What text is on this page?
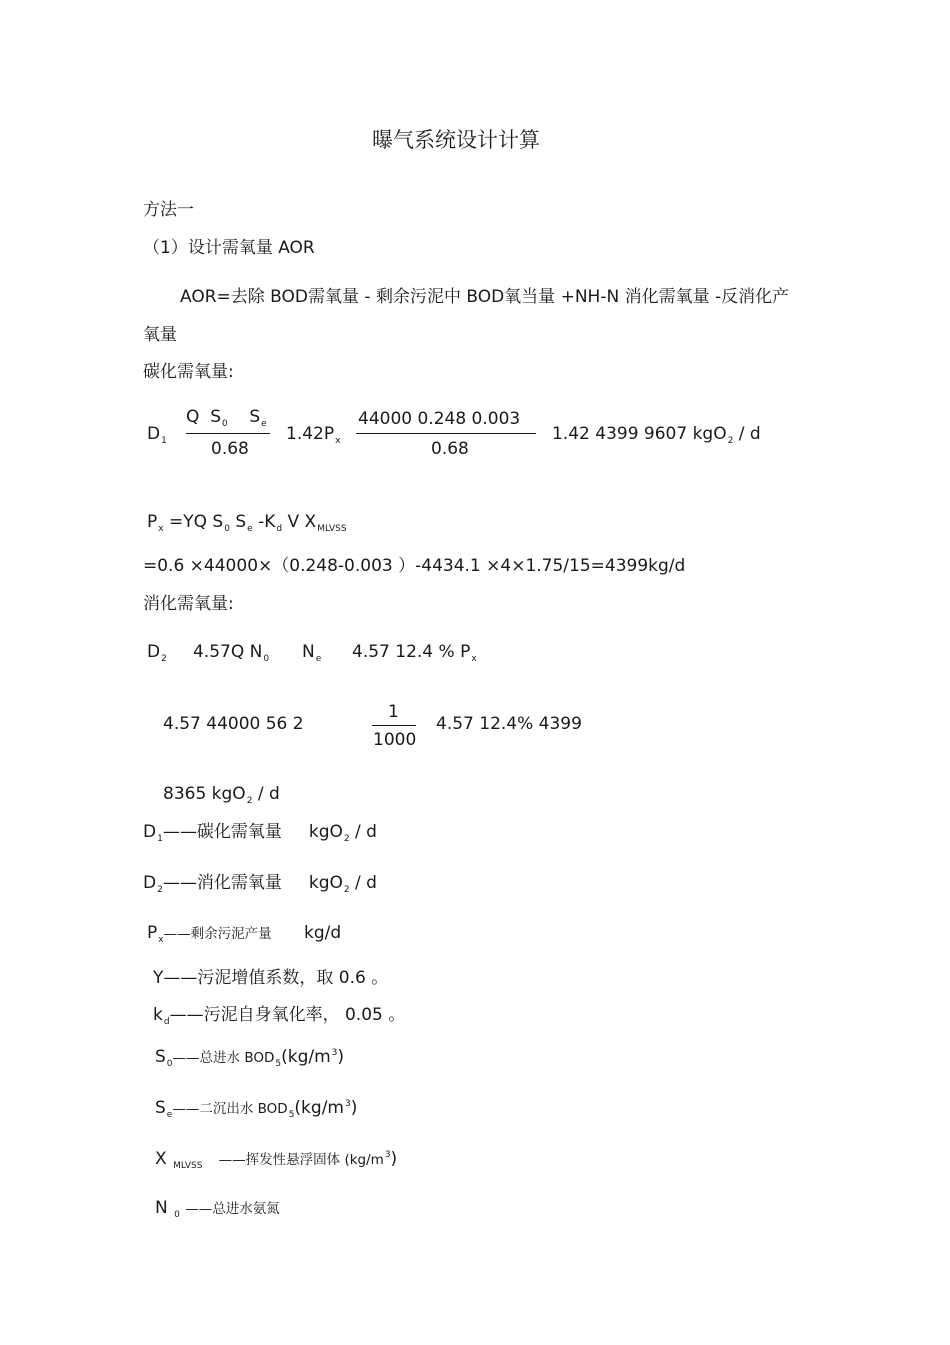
曝气系统设计计算
方法一
（1）设计需氧量 AOR
AOR=去除 BOD需氧量 - 剩余污泥中 BOD氧当量 +NH-N 消化需氧量 -反消化产
氧量
碳化需氧量:
$D_1$
Q $S_0$ $S_e$
0.68
$1.42P_x$
44000 0.248 0.003
0.68
1.42 4399 9607 kgO$_2$ / d
$P_x =YQ$ $S_0$ $S_e$ $-K_d$ V $X_{MLVSS}$
=0.6 ×44000×（0.248-0.003 ）-4434.1 ×4×1.75/15=4399kg/d
消化需氧量:
$D_2$ 4.57Q $N_0$ $N_e$ 4.57 12.4 % $P_x$
4.57 44000 56 2
1
1000
4.57 12.4% 4399
8365 kgO$_2$ / d
$D_1——$碳化需氧量 kgO$_2$ / d
$D_2——$消化需氧量 kgO$_2$ / d
$P_x——$剩余污泥产量 kg/d
Y——污泥增值系数，取 0.6 。
$k_d——$污泥自身氧化率， 0.05 。
$S_0——$总进水 $BOD_5(kg/m^3)$
$S_e——$二沉出水 $BOD_5(kg/m^3)$
X $_{MLVSS}$ ——挥发性悬浮固体 $(kg/m^3)$
N $_0$ ——总进水氨氮
